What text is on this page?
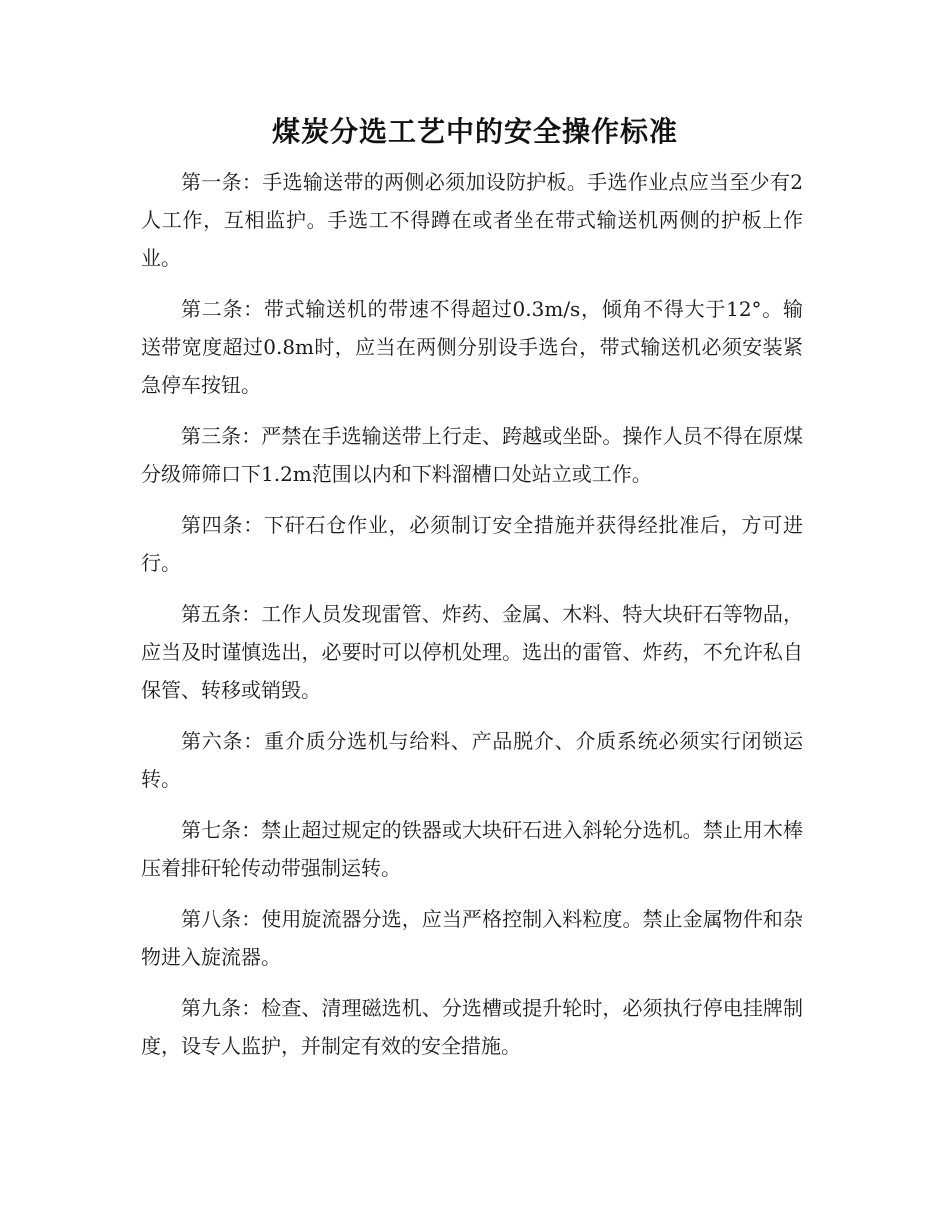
煤炭分选工艺中的安全操作标准

第一条：手选输送带的两侧必须加设防护板。手选作业点应当至少有2人工作，互相监护。手选工不得蹲在或者坐在带式输送机两侧的护板上作业。

第二条：带式输送机的带速不得超过0.3m/s，倾角不得大于12°。输送带宽度超过0.8m时，应当在两侧分别设手选台，带式输送机必须安装紧急停车按钮。

第三条：严禁在手选输送带上行走、跨越或坐卧。操作人员不得在原煤分级筛筛口下1.2m范围以内和下料溜槽口处站立或工作。

第四条：下矸石仓作业，必须制订安全措施并获得经批准后，方可进行。

第五条：工作人员发现雷管、炸药、金属、木料、特大块矸石等物品，应当及时谨慎选出，必要时可以停机处理。选出的雷管、炸药，不允许私自保管、转移或销毁。

第六条：重介质分选机与给料、产品脱介、介质系统必须实行闭锁运转。

第七条：禁止超过规定的铁器或大块矸石进入斜轮分选机。禁止用木棒压着排矸轮传动带强制运转。

第八条：使用旋流器分选，应当严格控制入料粒度。禁止金属物件和杂物进入旋流器。

第九条：检查、清理磁选机、分选槽或提升轮时，必须执行停电挂牌制度，设专人监护，并制定有效的安全措施。
